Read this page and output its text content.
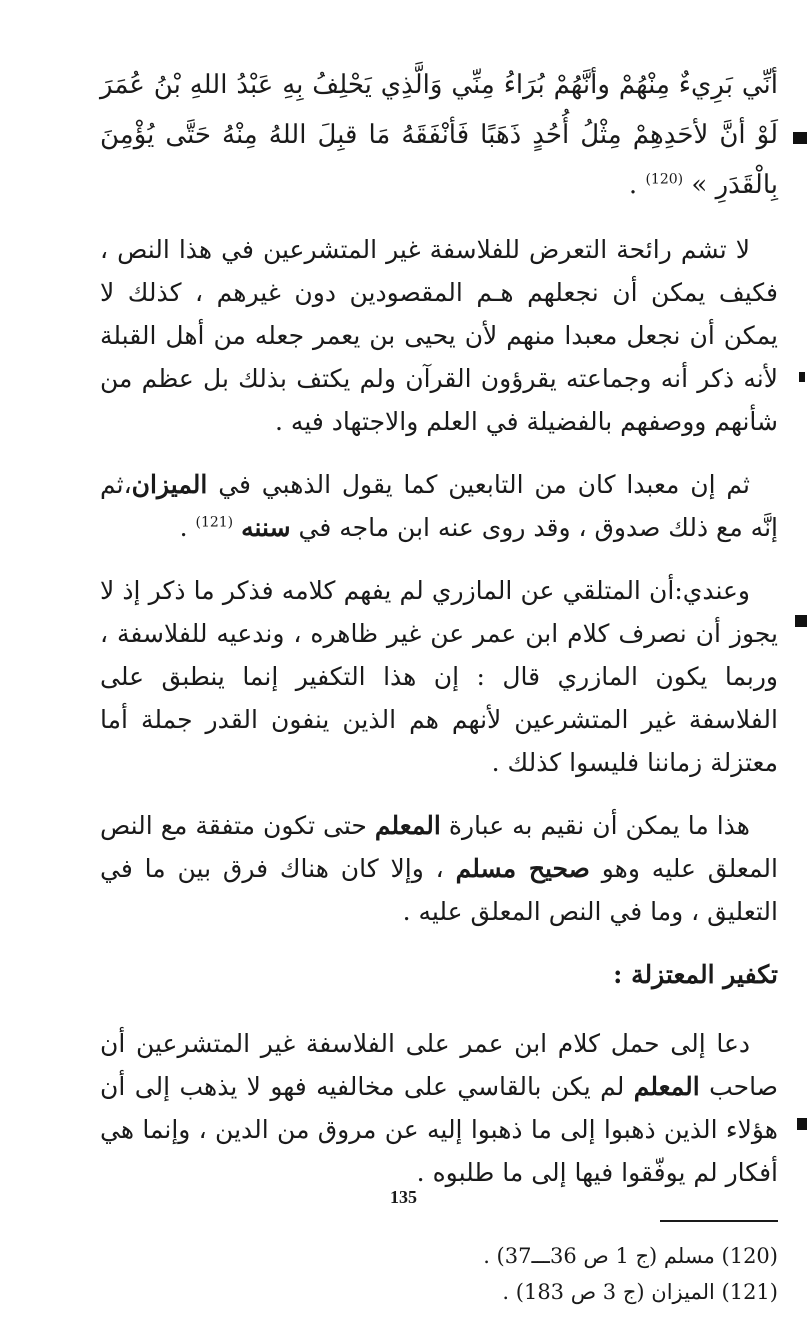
أنِّي بَرِيءٌ مِنْهُمْ وأنَّهُمْ بُرَاءُ مِنِّي وَالَّذِي يَحْلِفُ بِهِ عَبْدُ اللهِ بْنُ عُمَرَ لَوْ أنَّ لأحَدِهِمْ مِثْلُ أُحُدٍ ذَهَبًا فَأنْفَقَهُ مَا قبِلَ اللهُ مِنْهُ حَتَّى يُؤْمِنَ بِالْقَدَرِ » $^{(120)}$ .

لا تشم رائحة التعرض للفلاسفة غير المتشرعين في هذا النص ، فكيف يمكن أن نجعلهم هـم المقصودين دون غيرهم ، كذلك لا يمكن أن نجعل معبدا منهم لأن يحيى بن يعمر جعله من أهل القبلة لأنه ذكر أنه وجماعته يقرؤون القرآن ولم يكتف بذلك بل عظم من شأنهم ووصفهم بالفضيلة في العلم والاجتهاد فيه .

ثم إن معبدا كان من التابعين كما يقول الذهبي في الميزان،ثم إنَّه مع ذلك صدوق ، وقد روى عنه ابن ماجه في سننه $^{(121)}$ .

وعندي:أن المتلقي عن المازري لم يفهم كلامه فذكر ما ذكر إذ لا يجوز أن نصرف كلام ابن عمر عن غير ظاهره ، وندعيه للفلاسفة ، وربما يكون المازري قال : إن هذا التكفير إنما ينطبق على الفلاسفة غير المتشرعين لأنهم هم الذين ينفون القدر جملة أما معتزلة زماننا فليسوا كذلك .

هذا ما يمكن أن نقيم به عبارة المعلم حتى تكون متفقة مع النص المعلق عليه وهو صحيح مسلم ، وإلا كان هناك فرق بين ما في التعليق ، وما في النص المعلق عليه .

تكفير المعتزلة :

دعا إلى حمل كلام ابن عمر على الفلاسفة غير المتشرعين أن صاحب المعلم لم يكن بالقاسي على مخالفيه فهو لا يذهب إلى أن هؤلاء الذين ذهبوا إلى ما ذهبوا إليه عن مروق من الدين ، وإنما هي أفكار لم يوفّقوا فيها إلى ما طلبوه .

(120) مسلم (ج 1 ص 36ـــ37) .

(121) الميزان (ج 3 ص 183) .

135
